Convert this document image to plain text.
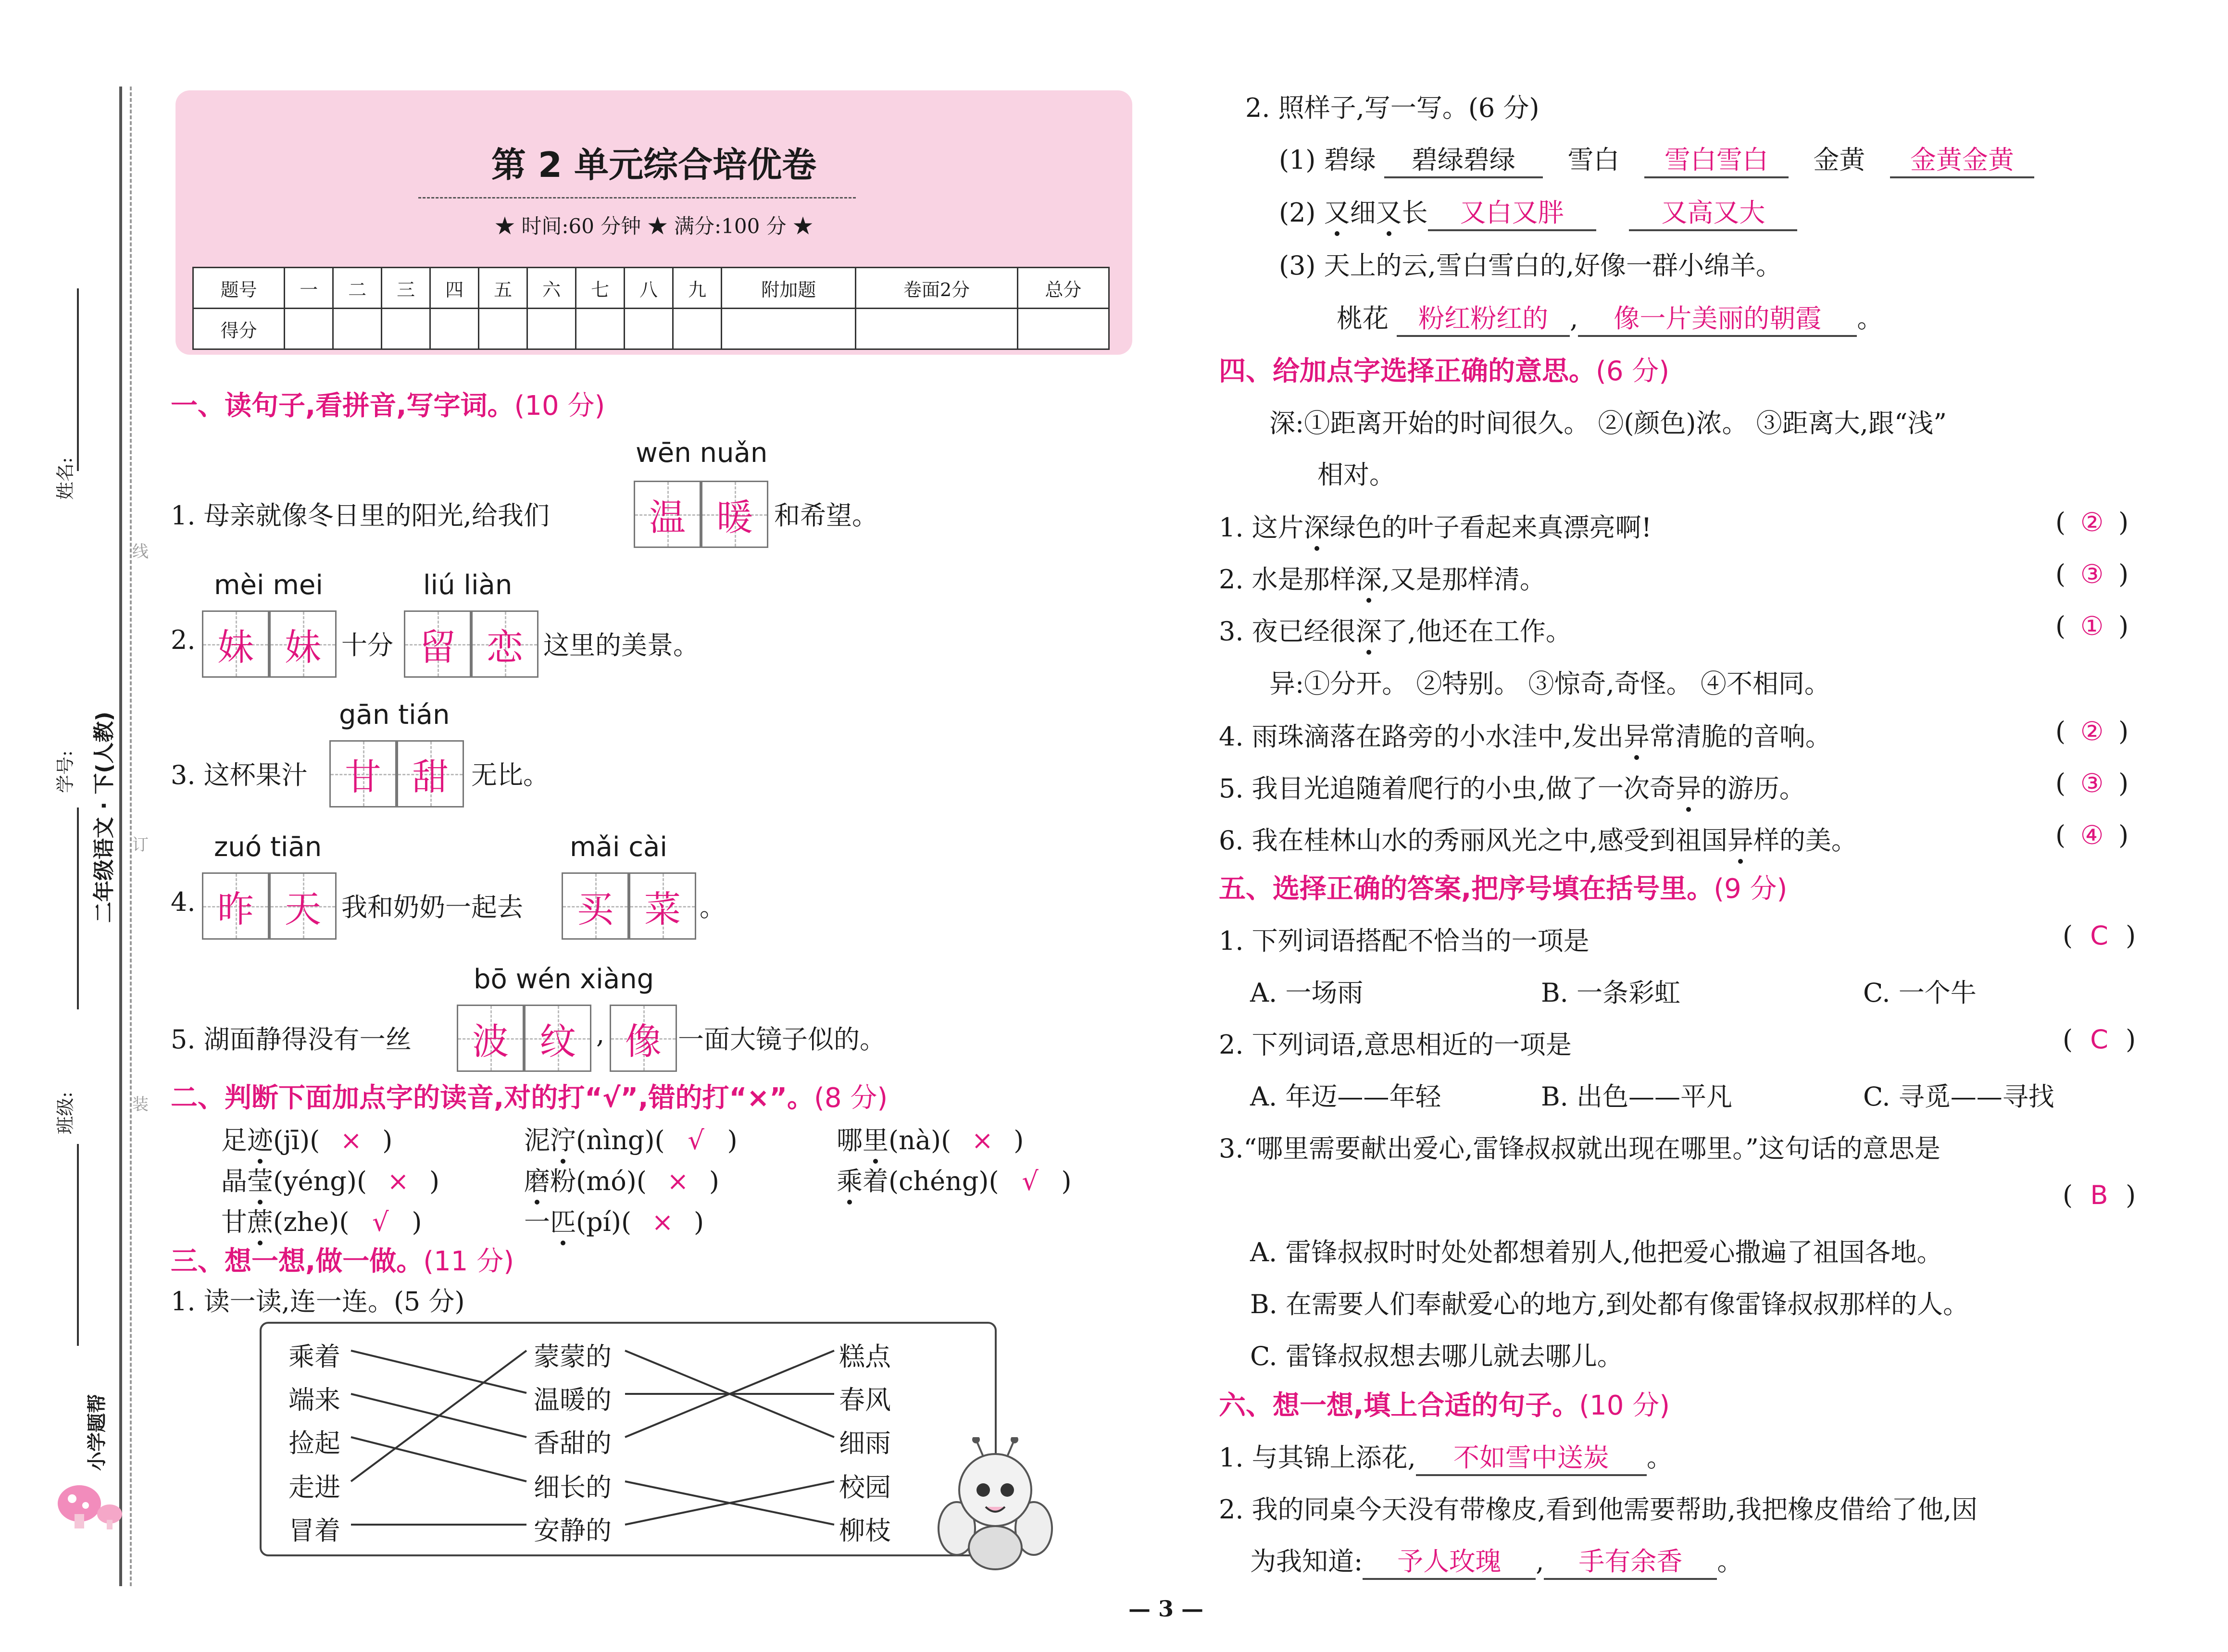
线
订
装
姓名:
学号:
班级:
二年级语文 · 下(人教)
小学题帮
第 2 单元综合培优卷
★ 时间:60 分钟 ★ 满分:100 分 ★
题号	一	二	三	四	五	六	七	八	九	附加题	卷面2分	总分
得分												
一、读句子,看拼音,写字词。(10 分)
wēn nuǎn
1. 母亲就像冬日里的阳光,给我们	温 暖 和希望。
mèi mei	liú liàn
2. 妹 妹 十分 留 恋 这里的美景。
gān tián
3. 这杯果汁	甘 甜 无比。
zuó tiān	mǎi cài
4. 昨 天 我和奶奶一起去	买 菜 。
bō wén xiàng
5. 湖面静得没有一丝	波 纹 , 像 一面大镜子似的。
二、判断下面加点字的读音,对的打“√”,错的打“×”。(8 分)
足迹(jī)( × )	泥泞(nìng)( √ )	哪里(nà)( × )
晶莹(yéng)( × )	磨粉(mó)( × )	乘着(chéng)( √ )
甘蔗(zhe)( √ )	一匹(pí)( × )
三、想一想,做一做。(11 分)
1. 读一读,连一连。(5 分)
乘着
端来
捡起
走进
冒着
蒙蒙的
温暖的
香甜的
细长的
安静的
糕点
春风
细雨
校园
柳枝
2. 照样子,写一写。(6 分)
(1) 碧绿 碧绿碧绿 雪白 雪白雪白 金黄 金黄金黄
(2) 又细又长 又白又胖	又高又大
(3) 天上的云,雪白雪白的,好像一群小绵羊。
桃花 粉红粉红的 , 像一片美丽的朝霞 。
四、给加点字选择正确的意思。(6 分)
深:①距离开始的时间很久。 ②(颜色)浓。 ③距离大,跟“浅”
相对。
1. 这片深绿色的叶子看起来真漂亮啊!	( ② )
2. 水是那样深,又是那样清。	( ③ )
3. 夜已经很深了,他还在工作。	( ① )
异:①分开。 ②特别。 ③惊奇,奇怪。 ④不相同。
4. 雨珠滴落在路旁的小水洼中,发出异常清脆的音响。	( ② )
5. 我目光追随着爬行的小虫,做了一次奇异的游历。	( ③ )
6. 我在桂林山水的秀丽风光之中,感受到祖国异样的美。	( ④ )
五、选择正确的答案,把序号填在括号里。(9 分)
1. 下列词语搭配不恰当的一项是	( C )
A. 一场雨	B. 一条彩虹	C. 一个牛
2. 下列词语,意思相近的一项是	( C )
A. 年迈——年轻	B. 出色——平凡	C. 寻觅——寻找
3.“哪里需要献出爱心,雷锋叔叔就出现在哪里。”这句话的意思是
( B )
A. 雷锋叔叔时时处处都想着别人,他把爱心撒遍了祖国各地。
B. 在需要人们奉献爱心的地方,到处都有像雷锋叔叔那样的人。
C. 雷锋叔叔想去哪儿就去哪儿。
六、想一想,填上合适的句子。(10 分)
1. 与其锦上添花, 不如雪中送炭 。
2. 我的同桌今天没有带橡皮,看到他需要帮助,我把橡皮借给了他,因
为我知道: 予人玫瑰 , 手有余香 。
— 3 —
